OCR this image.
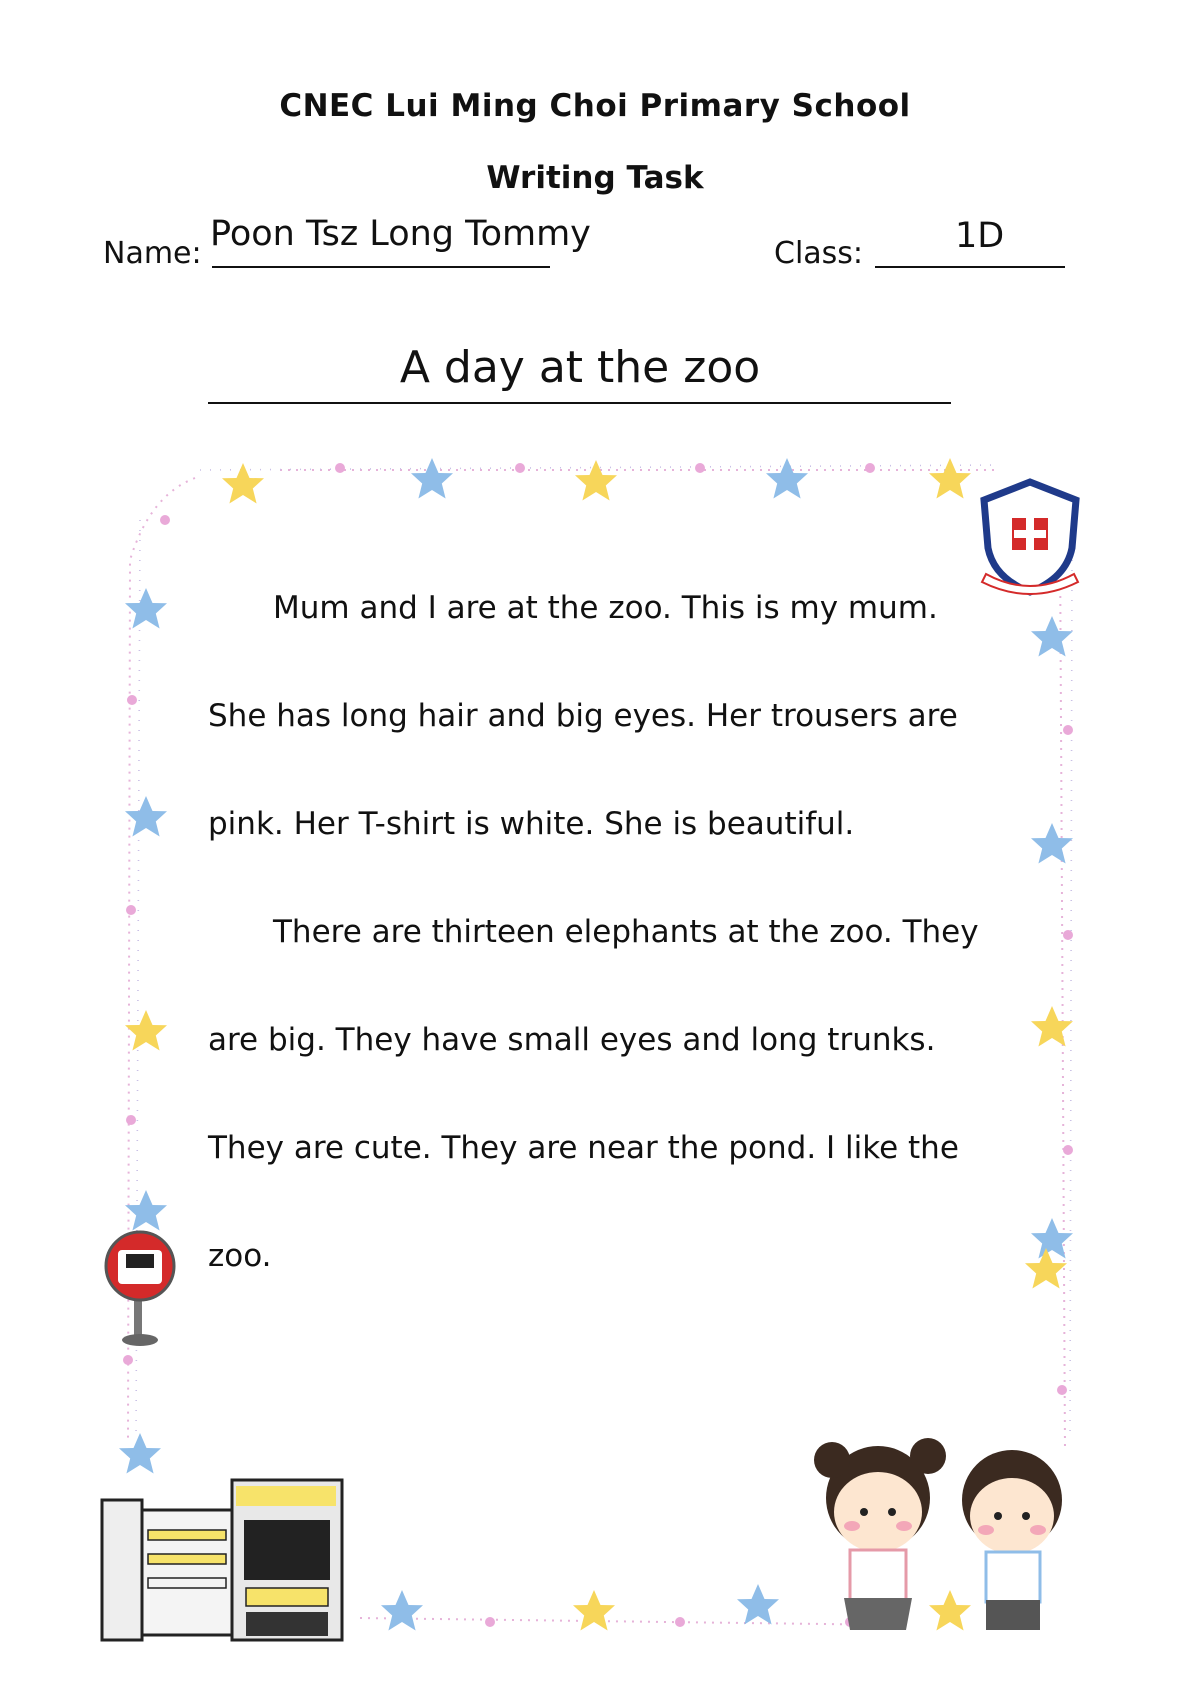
CNEC Lui Ming Choi Primary School
Writing Task
Name: Poon Tsz Long Tommy	Class:	1D
A day at the zoo
Mum and I are at the zoo. This is my mum. She has long hair and big eyes. Her trousers are pink. Her T-shirt is white. She is beautiful.
There are thirteen elephants at the zoo. They are big. They have small eyes and long trunks. They are cute. They are near the pond. I like the zoo.
